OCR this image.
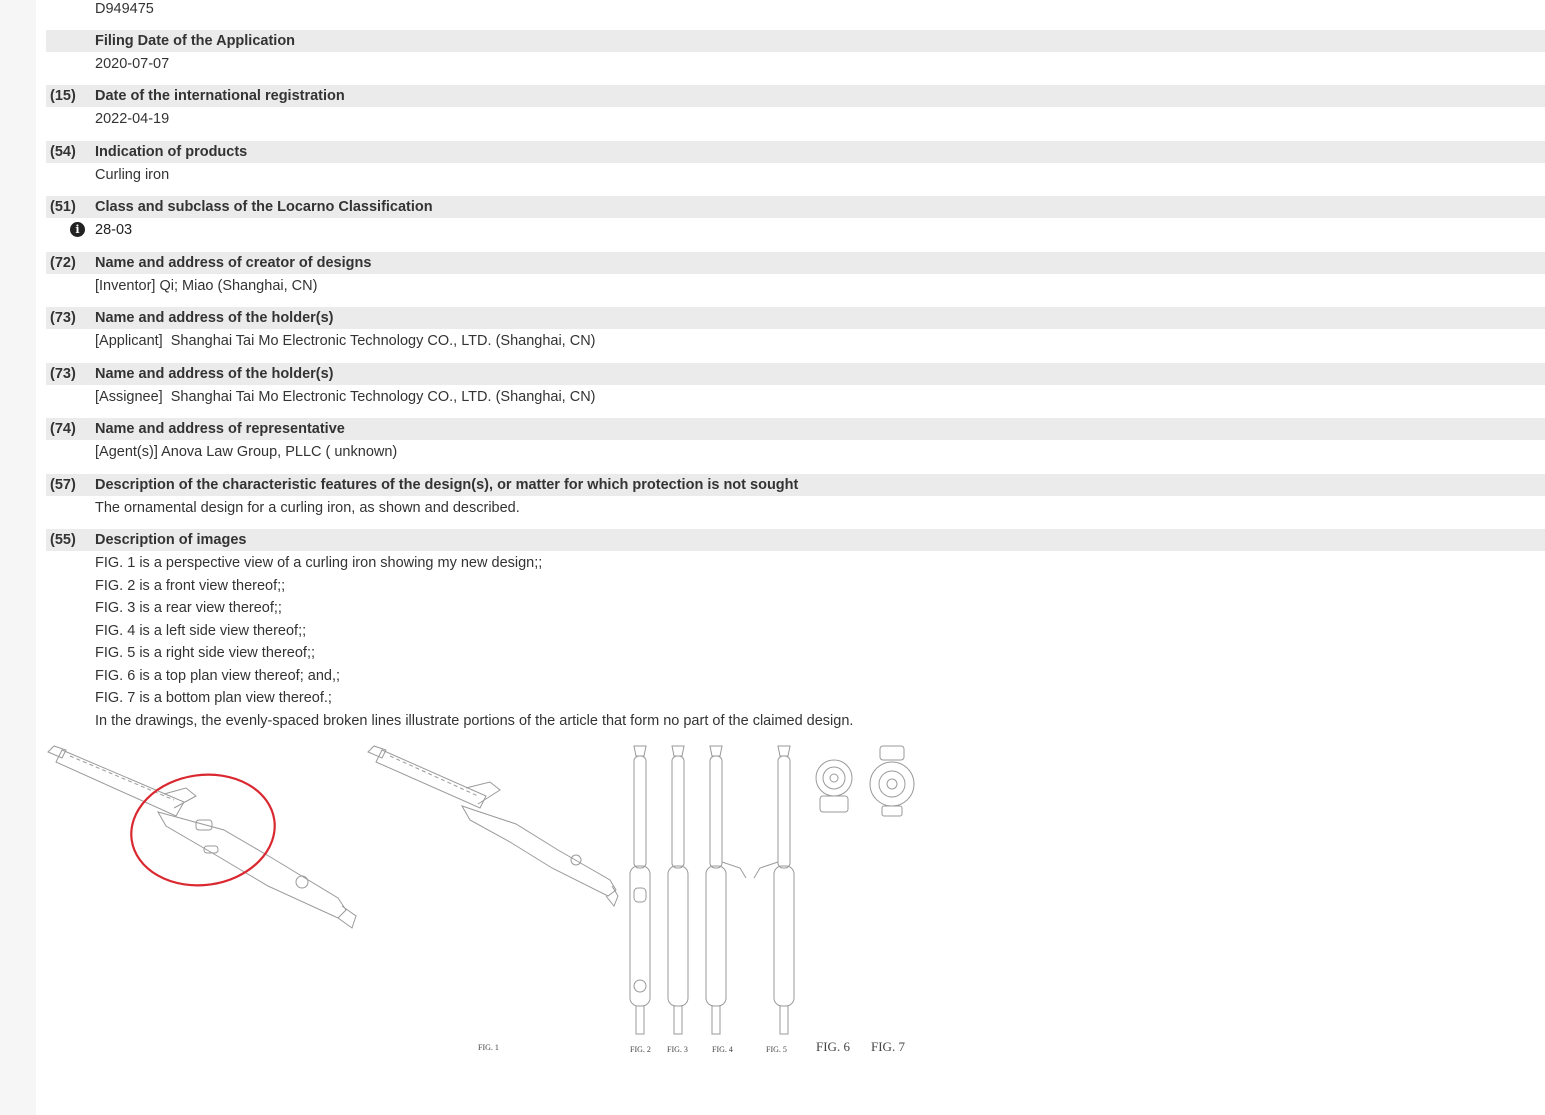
D949475
Filing Date of the Application
2020-07-07
(15) Date of the international registration
2022-04-19
(54) Indication of products
Curling iron
(51) Class and subclass of the Locarno Classification
i	28-03
(72) Name and address of creator of designs
[Inventor] Qi; Miao (Shanghai, CN)
(73) Name and address of the holder(s)
[Applicant]  Shanghai Tai Mo Electronic Technology CO., LTD. (Shanghai, CN)
(73) Name and address of the holder(s)
[Assignee]  Shanghai Tai Mo Electronic Technology CO., LTD. (Shanghai, CN)
(74) Name and address of representative
[Agent(s)] Anova Law Group, PLLC ( unknown)
(57) Description of the characteristic features of the design(s), or matter for which protection is not sought
The ornamental design for a curling iron, as shown and described.
(55) Description of images
FIG. 1 is a perspective view of a curling iron showing my new design;;
FIG. 2 is a front view thereof;;
FIG. 3 is a rear view thereof;;
FIG. 4 is a left side view thereof;;
FIG. 5 is a right side view thereof;;
FIG. 6 is a top plan view thereof; and,;
FIG. 7 is a bottom plan view thereof.;
In the drawings, the evenly-spaced broken lines illustrate portions of the article that form no part of the claimed design.
FIG. 1	FIG. 2 FIG. 3	FIG. 4	FIG. 5 FIG. 6 FIG. 7
